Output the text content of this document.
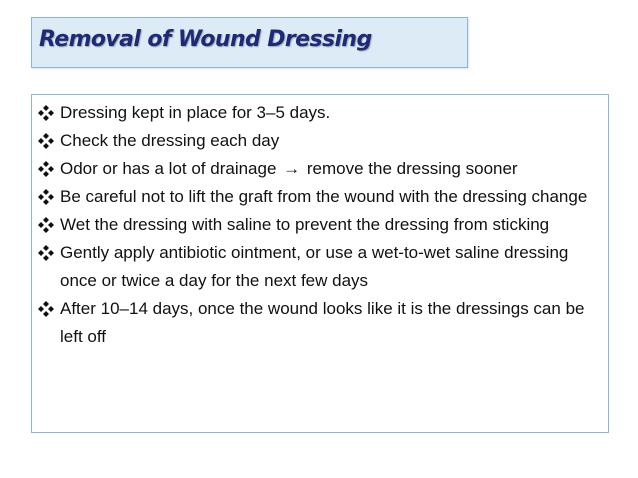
Removal of Wound Dressing
Dressing kept in place for 3–5 days.
Check the dressing each day
Odor or has a lot of drainage → remove the dressing sooner
Be careful not to lift the graft from the wound with the dressing change
Wet the dressing with saline to prevent the dressing from sticking
Gently apply antibiotic ointment, or use a wet-to-wet saline dressing once or twice a day for the next few days
After 10–14 days, once the wound looks like it is the dressings can be left off
